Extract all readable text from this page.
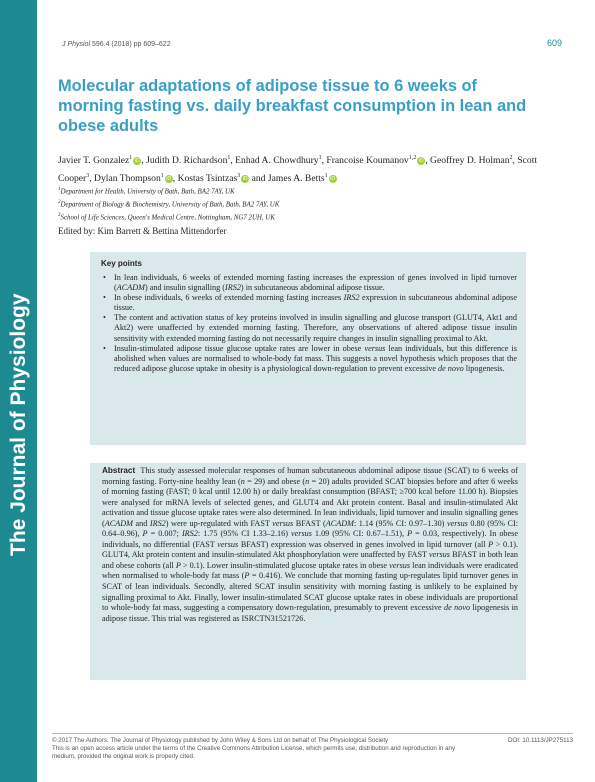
The Journal of Physiology
J Physiol 596.4 (2018) pp 609–622	609
Molecular adaptations of adipose tissue to 6 weeks of morning fasting vs. daily breakfast consumption in lean and obese adults
Javier T. Gonzalez$^1$iD , Judith D. Richardson$^1$, Enhad A. Chowdhury$^1$, Francoise Koumanov$^{1,2}$iD , Geoffrey D. Holman$^2$, Scott Cooper$^3$, Dylan Thompson$^1$iD , Kostas Tsintzas$^3$iD and James A. Betts$^1$iD
$^1$Department for Health, University of Bath, Bath, BA2 7AY, UK
$^2$Department of Biology & Biochemistry, University of Bath, Bath, BA2 7AY, UK
$^3$School of Life Sciences, Queen's Medical Centre, Nottingham, NG7 2UH, UK
Edited by: Kim Barrett & Bettina Mittendorfer
Key points
• In lean individuals, 6 weeks of extended morning fasting increases the expression of genes involved in lipid turnover (ACADM) and insulin signalling (IRS2) in subcutaneous abdominal adipose tissue.
• In obese individuals, 6 weeks of extended morning fasting increases IRS2 expression in subcutaneous abdominal adipose tissue.
• The content and activation status of key proteins involved in insulin signalling and glucose transport (GLUT4, Akt1 and Akt2) were unaffected by extended morning fasting. Therefore, any observations of altered adipose tissue insulin sensitivity with extended morning fasting do not necessarily require changes in insulin signalling proximal to Akt.
• Insulin-stimulated adipose tissue glucose uptake rates are lower in obese versus lean individuals, but this difference is abolished when values are normalised to whole-body fat mass. This suggests a novel hypothesis which proposes that the reduced adipose glucose uptake in obesity is a physiological down-regulation to prevent excessive de novo lipogenesis.
Abstract This study assessed molecular responses of human subcutaneous abdominal adipose tissue (SCAT) to 6 weeks of morning fasting. Forty-nine healthy lean (n = 29) and obese (n = 20) adults provided SCAT biopsies before and after 6 weeks of morning fasting (FAST; 0 kcal until 12.00 h) or daily breakfast consumption (BFAST; ≥700 kcal before 11.00 h). Biopsies were analysed for mRNA levels of selected genes, and GLUT4 and Akt protein content. Basal and insulin-stimulated Akt activation and tissue glucose uptake rates were also determined. In lean individuals, lipid turnover and insulin signalling genes (ACADM and IRS2) were up-regulated with FAST versus BFAST (ACADM: 1.14 (95% CI: 0.97–1.30) versus 0.80 (95% CI: 0.64–0.96), P = 0.007; IRS2: 1.75 (95% CI 1.33–2.16) versus 1.09 (95% CI: 0.67–1.51), P = 0.03, respectively). In obese individuals, no differential (FAST versus BFAST) expression was observed in genes involved in lipid turnover (all P > 0.1). GLUT4, Akt protein content and insulin-stimulated Akt phosphorylation were unaffected by FAST versus BFAST in both lean and obese cohorts (all P > 0.1). Lower insulin-stimulated glucose uptake rates in obese versus lean individuals were eradicated when normalised to whole-body fat mass (P = 0.416). We conclude that morning fasting up-regulates lipid turnover genes in SCAT of lean individuals. Secondly, altered SCAT insulin sensitivity with morning fasting is unlikely to be explained by signalling proximal to Akt. Finally, lower insulin-stimulated SCAT glucose uptake rates in obese individuals are proportional to whole-body fat mass, suggesting a compensatory down-regulation, presumably to prevent excessive de novo lipogenesis in adipose tissue. This trial was registered as ISRCTN31521726.
© 2017 The Authors. The Journal of Physiology published by John Wiley & Sons Ltd on behalf of The Physiological Society
This is an open access article under the terms of the Creative Commons Attribution License, which permits use, distribution and reproduction in any medium, provided the original work is properly cited.
DOI: 10.1113/JP275113
